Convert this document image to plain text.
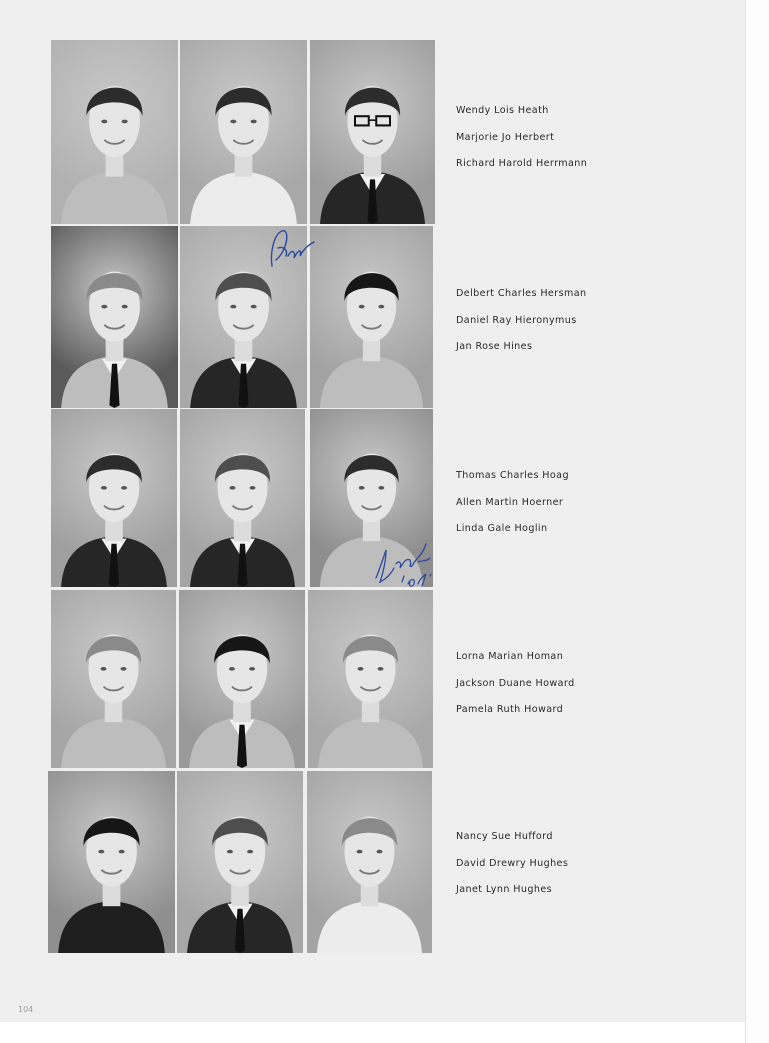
Wendy Lois Heath
Marjorie Jo Herbert
Richard Harold Herrmann
Delbert Charles Hersman
Daniel Ray Hieronymus
Jan Rose Hines
Thomas Charles Hoag
Allen Martin Hoerner
Linda Gale Hoglin
Lorna Marian Homan
Jackson Duane Howard
Pamela Ruth Howard
Nancy Sue Hufford
David Drewry Hughes
Janet Lynn Hughes
104
